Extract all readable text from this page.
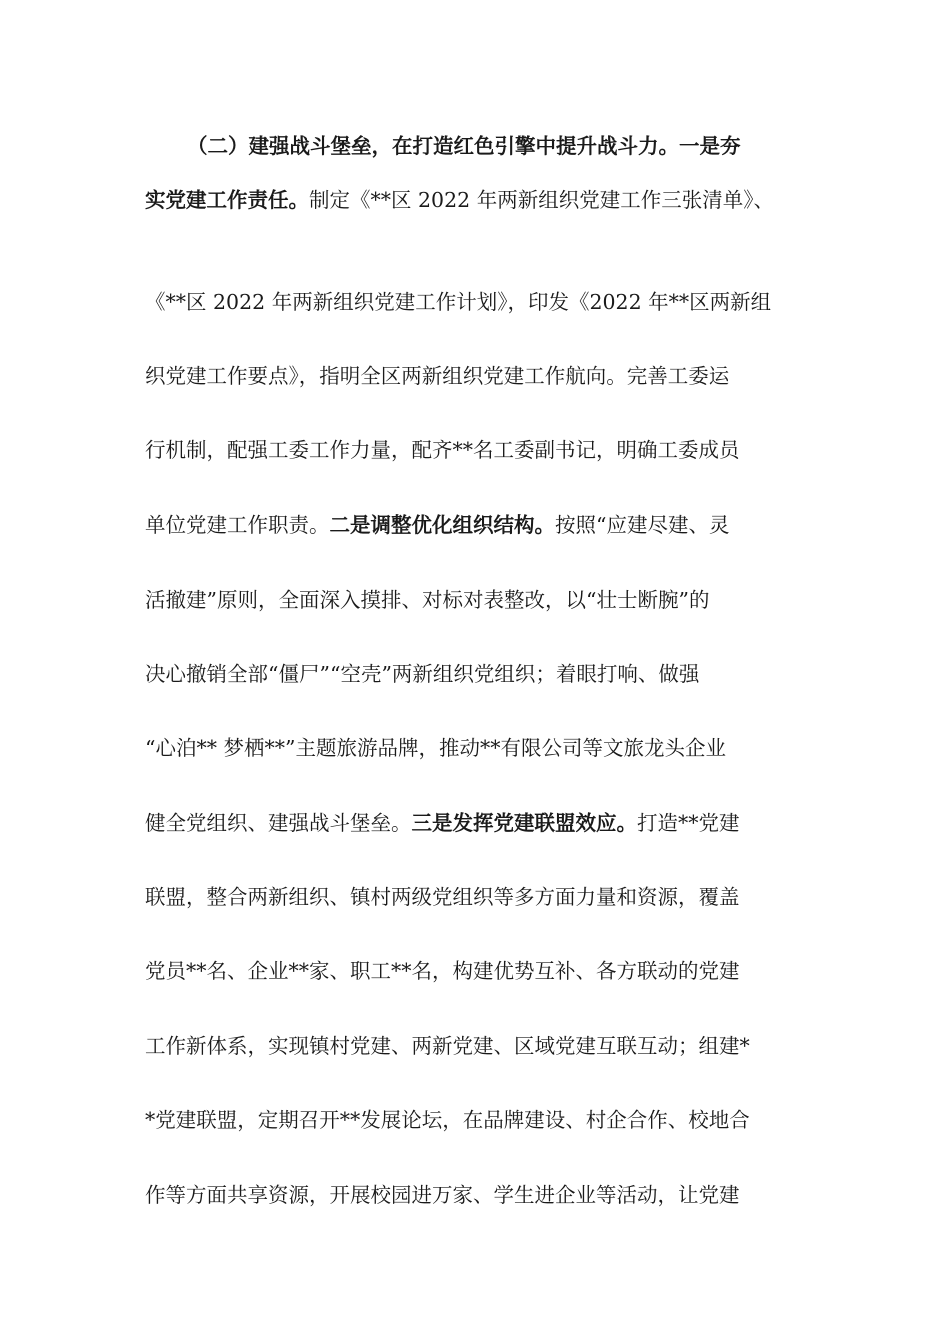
（二）建强战斗堡垒，在打造红色引擎中提升战斗力。一是夯
实党建工作责任。制定《**区 2022 年两新组织党建工作三张清单》、
《**区 2022 年两新组织党建工作计划》，印发《2022 年**区两新组
织党建工作要点》，指明全区两新组织党建工作航向。完善工委运
行机制，配强工委工作力量，配齐**名工委副书记，明确工委成员
单位党建工作职责。二是调整优化组织结构。按照“应建尽建、灵
活撤建”原则，全面深入摸排、对标对表整改，以“壮士断腕”的
决心撤销全部“僵尸”“空壳”两新组织党组织；着眼打响、做强
“心泊** 梦栖**”主题旅游品牌，推动**有限公司等文旅龙头企业
健全党组织、建强战斗堡垒。三是发挥党建联盟效应。打造**党建
联盟，整合两新组织、镇村两级党组织等多方面力量和资源，覆盖
党员**名、企业**家、职工**名，构建优势互补、各方联动的党建
工作新体系，实现镇村党建、两新党建、区域党建互联互动；组建*
*党建联盟，定期召开**发展论坛，在品牌建设、村企合作、校地合
作等方面共享资源，开展校园进万家、学生进企业等活动，让党建
